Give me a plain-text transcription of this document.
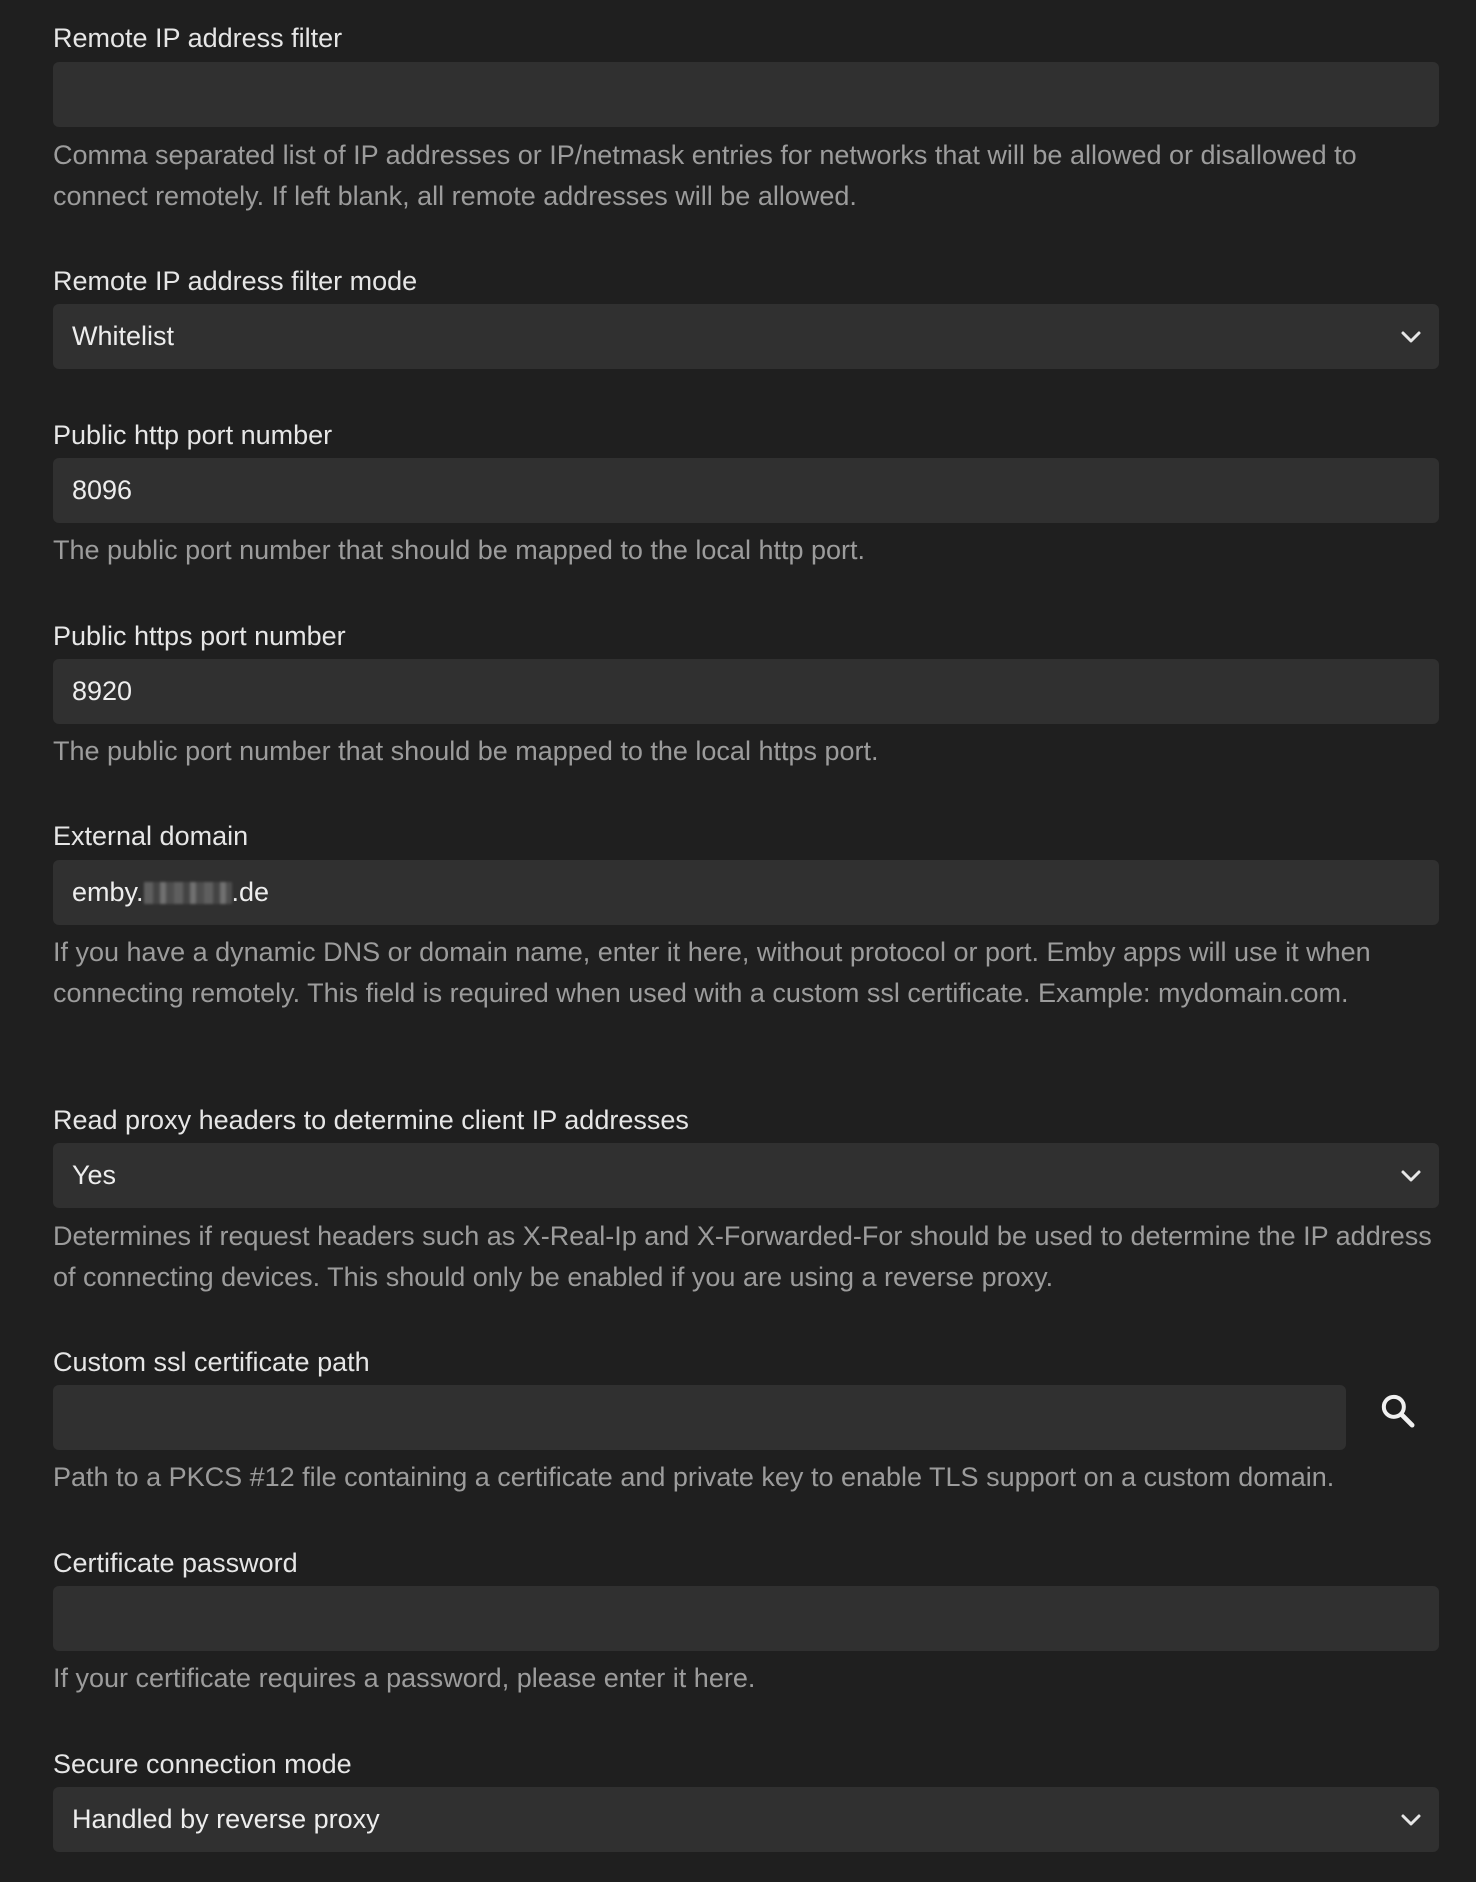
Remote IP address filter
Comma separated list of IP addresses or IP/netmask entries for networks that will be allowed or disallowed to connect remotely. If left blank, all remote addresses will be allowed.
Remote IP address filter mode
Whitelist
Public http port number
8096
The public port number that should be mapped to the local http port.
Public https port number
8920
The public port number that should be mapped to the local https port.
External domain
emby.	.de
If you have a dynamic DNS or domain name, enter it here, without protocol or port. Emby apps will use it when connecting remotely. This field is required when used with a custom ssl certificate. Example: mydomain.com.
Read proxy headers to determine client IP addresses
Yes
Determines if request headers such as X-Real-Ip and X-Forwarded-For should be used to determine the IP address of connecting devices. This should only be enabled if you are using a reverse proxy.
Custom ssl certificate path
Path to a PKCS #12 file containing a certificate and private key to enable TLS support on a custom domain.
Certificate password
If your certificate requires a password, please enter it here.
Secure connection mode
Handled by reverse proxy
